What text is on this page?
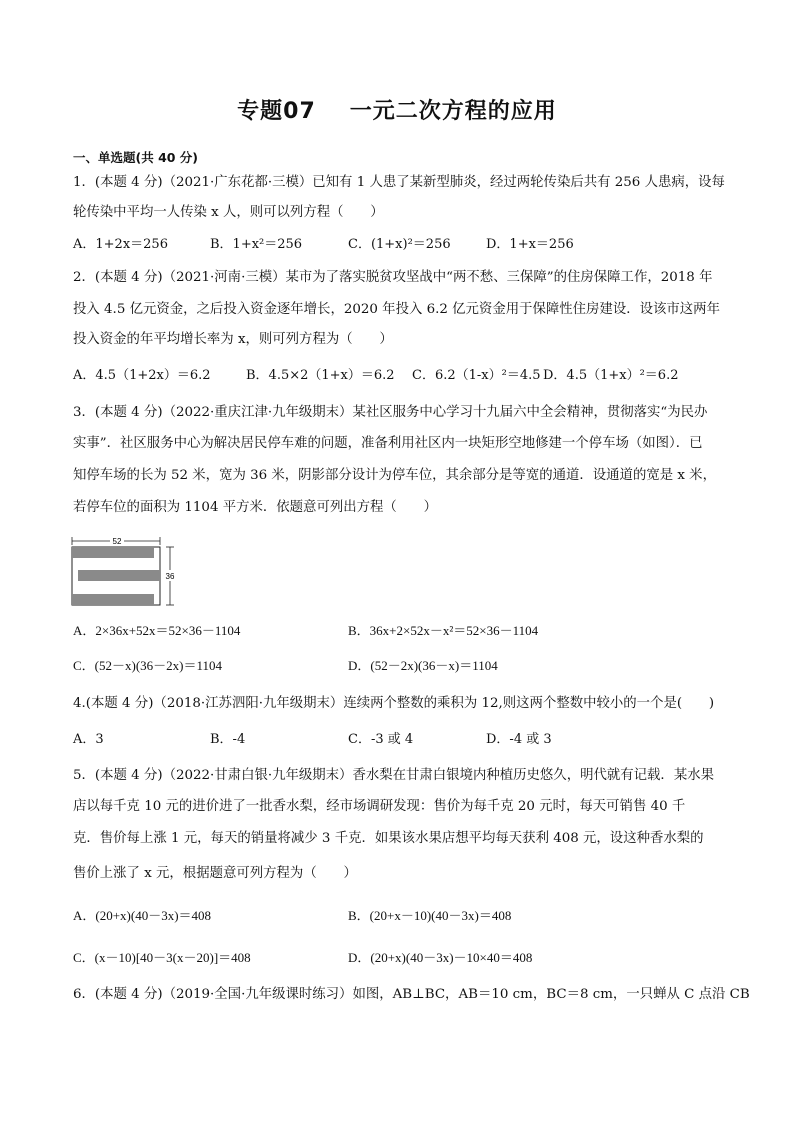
专题07 一元二次方程的应用
一、单选题(共 40 分)
1．(本题 4 分)（2021·广东花都·三模）已知有 1 人患了某新型肺炎，经过两轮传染后共有 256 人患病，设每
轮传染中平均一人传染 x 人，则可以列方程（　　）
A．1+2x＝256	B．1+x²＝256	C．(1+x)²＝256	D．1+x＝256
2．(本题 4 分)（2021·河南·三模）某市为了落实脱贫攻坚战中“两不愁、三保障”的住房保障工作，2018 年
投入 4.5 亿元资金，之后投入资金逐年增长，2020 年投入 6.2 亿元资金用于保障性住房建设．设该市这两年
投入资金的年平均增长率为 x，则可列方程为（　　）
A．4.5（1+2x）＝6.2	B．4.5×2（1+x）＝6.2 C．6.2（1-x）²＝4.5 D．4.5（1+x）²＝6.2
3．(本题 4 分)（2022·重庆江津·九年级期末）某社区服务中心学习十九届六中全会精神，贯彻落实“为民办
实事”．社区服务中心为解决居民停车难的问题，准备利用社区内一块矩形空地修建一个停车场（如图）．已
知停车场的长为 52 米，宽为 36 米，阴影部分设计为停车位，其余部分是等宽的通道．设通道的宽是 x 米，
若停车位的面积为 1104 平方米．依题意可列出方程（　　）
52
36
A．2×36x+52x＝52×36－1104	B．36x+2×52x－x²＝52×36－1104
C．(52－x)(36－2x)＝1104	D．(52－2x)(36－x)＝1104
4.(本题 4 分)（2018·江苏泗阳·九年级期末）连续两个整数的乘积为 12,则这两个整数中较小的一个是(　　)
A．3	B．-4	C．-3 或 4	D．-4 或 3
5．(本题 4 分)（2022·甘肃白银·九年级期末）香水梨在甘肃白银境内种植历史悠久，明代就有记载．某水果
店以每千克 10 元的进价进了一批香水梨，经市场调研发现：售价为每千克 20 元时，每天可销售 40 千
克．售价每上涨 1 元，每天的销量将减少 3 千克．如果该水果店想平均每天获利 408 元，设这种香水梨的
售价上涨了 x 元，根据题意可列方程为（　　）
A．(20+x)(40－3x)＝408	B．(20+x－10)(40－3x)＝408
C．(x－10)[40－3(x－20)]＝408	D．(20+x)(40－3x)－10×40＝408
6．(本题 4 分)（2019·全国·九年级课时练习）如图，AB⊥BC，AB＝10 cm，BC＝8 cm，一只蝉从 C 点沿 CB
